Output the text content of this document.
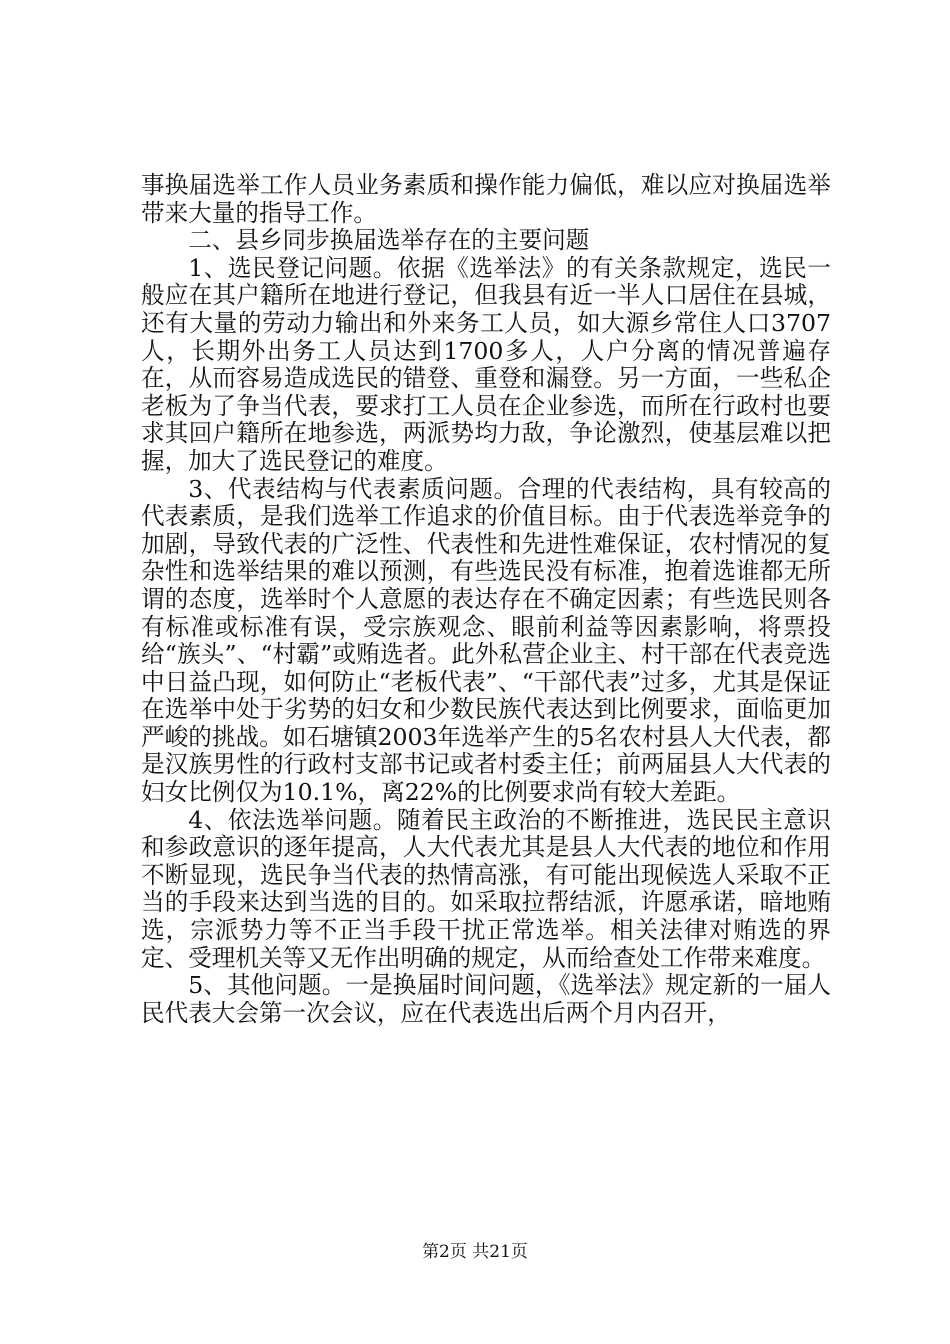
事换届选举工作人员业务素质和操作能力偏低，难以应对换届选举带来大量的指导工作。

二、县乡同步换届选举存在的主要问题

1、选民登记问题。依据《选举法》的有关条款规定，选民一般应在其户籍所在地进行登记，但我县有近一半人口居住在县城，还有大量的劳动力输出和外来务工人员，如大源乡常住人口3707人，长期外出务工人员达到1700多人，人户分离的情况普遍存在，从而容易造成选民的错登、重登和漏登。另一方面，一些私企老板为了争当代表，要求打工人员在企业参选，而所在行政村也要求其回户籍所在地参选，两派势均力敌，争论激烈，使基层难以把握，加大了选民登记的难度。

3、代表结构与代表素质问题。合理的代表结构，具有较高的代表素质，是我们选举工作追求的价值目标。由于代表选举竞争的加剧，导致代表的广泛性、代表性和先进性难保证，农村情况的复杂性和选举结果的难以预测，有些选民没有标准，抱着选谁都无所谓的态度，选举时个人意愿的表达存在不确定因素；有些选民则各有标准或标准有误，受宗族观念、眼前利益等因素影响，将票投给“族头”、“村霸”或贿选者。此外私营企业主、村干部在代表竞选中日益凸现，如何防止“老板代表”、“干部代表”过多，尤其是保证在选举中处于劣势的妇女和少数民族代表达到比例要求，面临更加严峻的挑战。如石塘镇2003年选举产生的5名农村县人大代表，都是汉族男性的行政村支部书记或者村委主任；前两届县人大代表的妇女比例仅为10.1%，离22%的比例要求尚有较大差距。

4、依法选举问题。随着民主政治的不断推进，选民民主意识和参政意识的逐年提高，人大代表尤其是县人大代表的地位和作用不断显现，选民争当代表的热情高涨，有可能出现候选人采取不正当的手段来达到当选的目的。如采取拉帮结派，许愿承诺，暗地贿选，宗派势力等不正当手段干扰正常选举。相关法律对贿选的界定、受理机关等又无作出明确的规定，从而给查处工作带来难度。

5、其他问题。一是换届时间问题，《选举法》规定新的一届人民代表大会第一次会议，应在代表选出后两个月内召开，

第2页 共21页
